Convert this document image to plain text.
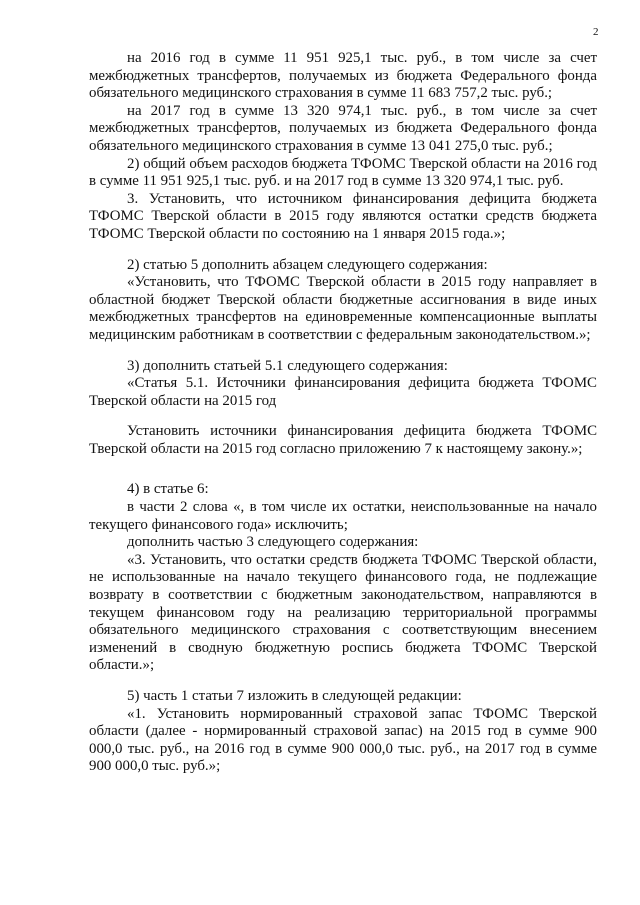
2

на 2016 год в сумме 11 951 925,1 тыс. руб., в том числе за счет межбюджетных трансфертов, получаемых из бюджета Федерального фонда обязательного медицинского страхования в сумме 11 683 757,2 тыс. руб.;

на 2017 год в сумме 13 320 974,1 тыс. руб., в том числе за счет межбюджетных трансфертов, получаемых из бюджета Федерального фонда обязательного медицинского страхования в сумме 13 041 275,0 тыс. руб.;

2) общий объем расходов бюджета ТФОМС Тверской области на 2016 год в сумме 11 951 925,1 тыс. руб. и на 2017 год в сумме 13 320 974,1 тыс. руб.

3. Установить, что источником финансирования дефицита бюджета ТФОМС Тверской области в 2015 году являются остатки средств бюджета ТФОМС Тверской области по состоянию на 1 января 2015 года.»;

2) статью 5 дополнить абзацем следующего содержания:

«Установить, что ТФОМС Тверской области в 2015 году направляет в областной бюджет Тверской области бюджетные ассигнования в виде иных межбюджетных трансфертов на единовременные компенсационные выплаты медицинским работникам в соответствии с федеральным законодательством.»;

3) дополнить статьей 5.1 следующего содержания:

«Статья 5.1. Источники финансирования дефицита бюджета ТФОМС Тверской области на 2015 год

Установить источники финансирования дефицита бюджета ТФОМС Тверской области на 2015 год согласно приложению 7 к настоящему закону.»;

4) в статье 6:

в части 2 слова «, в том числе их остатки, неиспользованные на начало текущего финансового года» исключить;

дополнить частью 3 следующего содержания:

«3. Установить, что остатки средств бюджета ТФОМС Тверской области, не использованные на начало текущего финансового года, не подлежащие возврату в соответствии с бюджетным законодательством, направляются в текущем финансовом году на реализацию территориальной программы обязательного медицинского страхования с соответствующим внесением изменений в сводную бюджетную роспись бюджета ТФОМС Тверской области.»;

5) часть 1 статьи 7 изложить в следующей редакции:

«1. Установить нормированный страховой запас ТФОМС Тверской области (далее - нормированный страховой запас) на 2015 год в сумме 900 000,0 тыс. руб., на 2016 год в сумме 900 000,0 тыс. руб., на 2017 год в сумме 900 000,0 тыс. руб.»;
